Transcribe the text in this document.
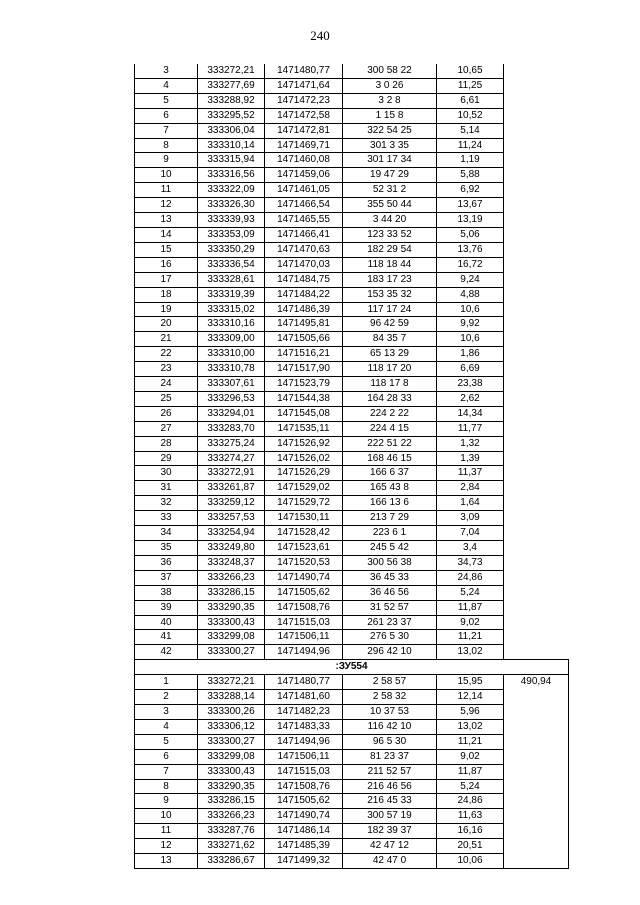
240
3	333272,21	1471480,77	300 58 22	10,65	
4	333277,69	1471471,64	3 0 26	11,25	
5	333288,92	1471472,23	3 2 8	6,61	
6	333295,52	1471472,58	1 15 8	10,52	
7	333306,04	1471472,81	322 54 25	5,14	
8	333310,14	1471469,71	301 3 35	11,24	
9	333315,94	1471460,08	301 17 34	1,19	
10	333316,56	1471459,06	19 47 29	5,88	
11	333322,09	1471461,05	52 31 2	6,92	
12	333326,30	1471466,54	355 50 44	13,67	
13	333339,93	1471465,55	3 44 20	13,19	
14	333353,09	1471466,41	123 33 52	5,06	
15	333350,29	1471470,63	182 29 54	13,76	
16	333336,54	1471470,03	118 18 44	16,72	
17	333328,61	1471484,75	183 17 23	9,24	
18	333319,39	1471484,22	153 35 32	4,88	
19	333315,02	1471486,39	117 17 24	10,6	
20	333310,16	1471495,81	96 42 59	9,92	
21	333309,00	1471505,66	84 35 7	10,6	
22	333310,00	1471516,21	65 13 29	1,86	
23	333310,78	1471517,90	118 17 20	6,69	
24	333307,61	1471523,79	118 17 8	23,38	
25	333296,53	1471544,38	164 28 33	2,62	
26	333294,01	1471545,08	224 2 22	14,34	
27	333283,70	1471535,11	224 4 15	11,77	
28	333275,24	1471526,92	222 51 22	1,32	
29	333274,27	1471526,02	168 46 15	1,39	
30	333272,91	1471526,29	166 6 37	11,37	
31	333261,87	1471529,02	165 43 8	2,84	
32	333259,12	1471529,72	166 13 6	1,64	
33	333257,53	1471530,11	213 7 29	3,09	
34	333254,94	1471528,42	223 6 1	7,04	
35	333249,80	1471523,61	245 5 42	3,4	
36	333248,37	1471520,53	300 56 38	34,73	
37	333266,23	1471490,74	36 45 33	24,86	
38	333286,15	1471505,62	36 46 56	5,24	
39	333290,35	1471508,76	31 52 57	11,87	
40	333300,43	1471515,03	261 23 37	9,02	
41	333299,08	1471506,11	276 5 30	11,21	
42	333300,27	1471494,96	296 42 10	13,02	
:ЗУ554					
1	333272,21	1471480,77	2 58 57	15,95	490,94
2	333288,14	1471481,60	2 58 32	12,14	
3	333300,26	1471482,23	10 37 53	5,96	
4	333306,12	1471483,33	116 42 10	13,02	
5	333300,27	1471494,96	96 5 30	11,21	
6	333299,08	1471506,11	81 23 37	9,02	
7	333300,43	1471515,03	211 52 57	11,87	
8	333290,35	1471508,76	216 46 56	5,24	
9	333286,15	1471505,62	216 45 33	24,86	
10	333266,23	1471490,74	300 57 19	11,63	
11	333287,76	1471486,14	182 39 37	16,16	
12	333271,62	1471485,39	42 47 12	20,51	
13	333286,67	1471499,32	42 47 0	10,06	
